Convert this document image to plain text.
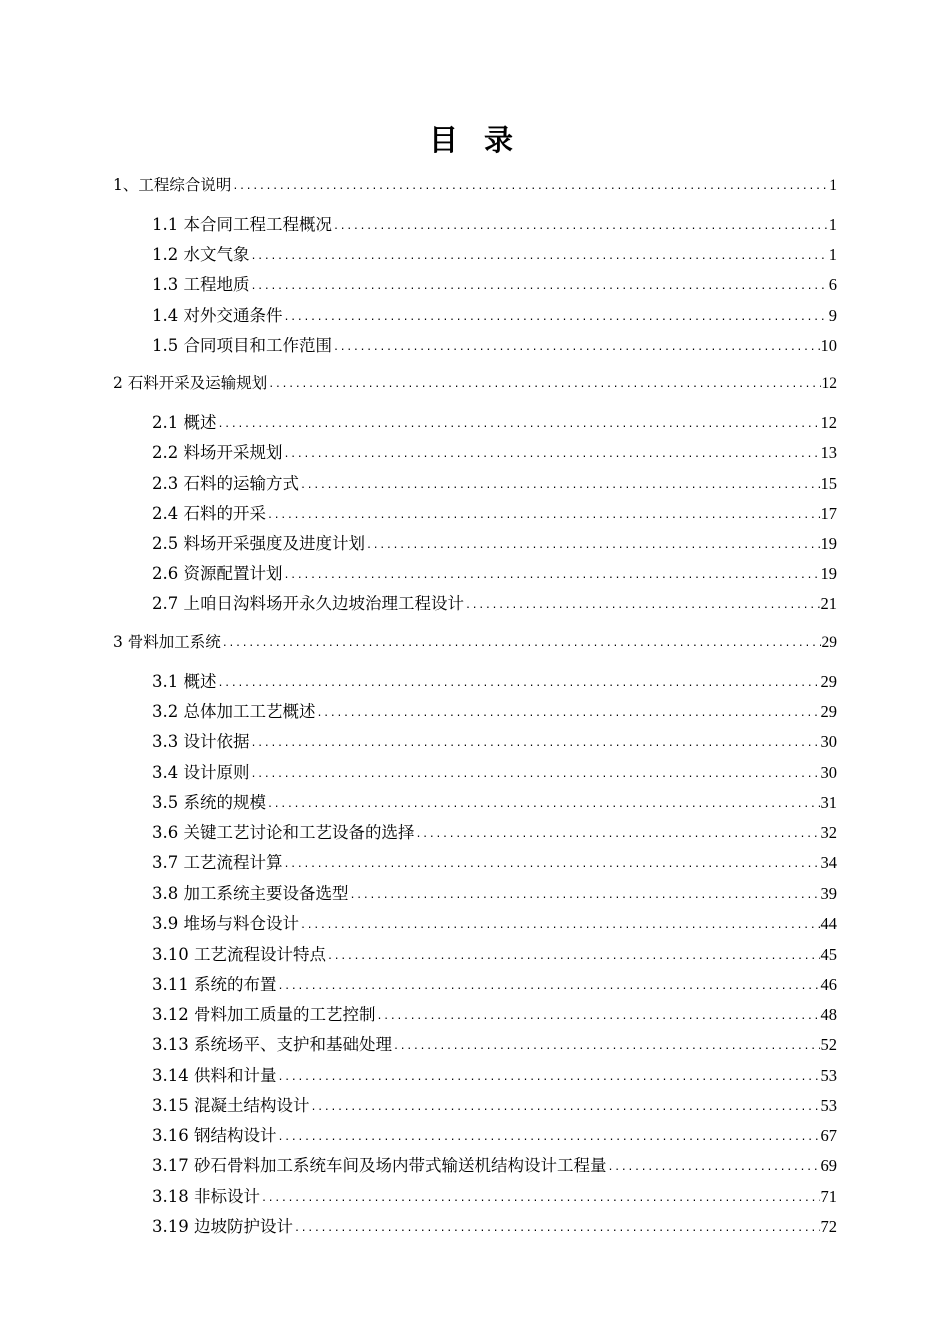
目 录
1、工程综合说明 .....	1
1.1 本合同工程工程概况 .....	1
1.2 水文气象 .....	1
1.3 工程地质 .....	6
1.4 对外交通条件 .....	9
1.5 合同项目和工作范围 .....	10
2 石料开采及运输规划 .....	12
2.1 概述 .....	12
2.2 料场开采规划 .....	13
2.3 石料的运输方式 .....	15
2.4 石料的开采 .....	17
2.5 料场开采强度及进度计划 .....	19
2.6 资源配置计划 .....	19
2.7 上咱日沟料场开永久边坡治理工程设计 .....	21
3 骨料加工系统 .....	29
3.1 概述 .....	29
3.2 总体加工工艺概述 .....	29
3.3 设计依据 .....	30
3.4 设计原则 .....	30
3.5 系统的规模 .....	31
3.6 关键工艺讨论和工艺设备的选择 .....	32
3.7 工艺流程计算 .....	34
3.8 加工系统主要设备选型 .....	39
3.9 堆场与料仓设计 .....	44
3.10 工艺流程设计特点 .....	45
3.11 系统的布置 .....	46
3.12 骨料加工质量的工艺控制 .....	48
3.13 系统场平、支护和基础处理 .....	52
3.14 供料和计量 .....	53
3.15 混凝土结构设计 .....	53
3.16 钢结构设计 .....	67
3.17 砂石骨料加工系统车间及场内带式输送机结构设计工程量 .....	69
3.18 非标设计 .....	71
3.19 边坡防护设计 .....	72
